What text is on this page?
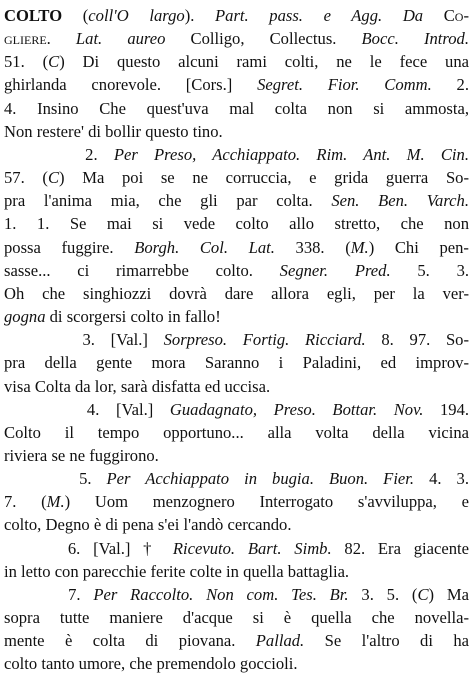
COLTO (coll'O largo). Part. pass. e Agg. Da Co-
gliere. Lat. aureo Colligo, Collectus. Bocc. Introd.
51. (C) Di questo alcuni rami colti, ne le fece una
ghirlanda cnorevole. [Cors.] Segret. Fior. Comm. 2.
4. Insino Che quest'uva mal colta non si ammosta,
Non restere' di bollir questo tino.
2. Per Preso, Acchiappato. Rim. Ant. M. Cin.
57. (C) Ma poi se ne corruccia, e grida guerra So-
pra l'anima mia, che gli par colta. Sen. Ben. Varch.
1. 1. Se mai si vede colto allo stretto, che non
possa fuggire. Borgh. Col. Lat. 338. (M.) Chi pen-
sasse... ci rimarrebbe colto. Segner. Pred. 5. 3.
Oh che singhiozzi dovrà dare allora egli, per la ver-
gogna di scorgersi colto in fallo!
3. [Val.] Sorpreso. Fortig. Ricciard. 8. 97. So-
pra della gente mora Saranno i Paladini, ed improv-
visa Colta da lor, sarà disfatta ed uccisa.
4. [Val.] Guadagnato, Preso. Bottar. Nov. 194.
Colto il tempo opportuno... alla volta della vicina
riviera se ne fuggirono.
5. Per Acchiappato in bugia. Buon. Fier. 4. 3.
7. (M.) Uom menzognero Interrogato s'avviluppa, e
colto, Degno è di pena s'ei l'andò cercando.
6. [Val.] † Ricevuto. Bart. Simb. 82. Era giacente
in letto con parecchie ferite colte in quella battaglia.
7. Per Raccolto. Non com. Tes. Br. 3. 5. (C) Ma
sopra tutte maniere d'acque si è quella che novella-
mente è colta di piovana. Pallad. Se l'altro di ha
colto tanto umore, che premendolo goccioli.
